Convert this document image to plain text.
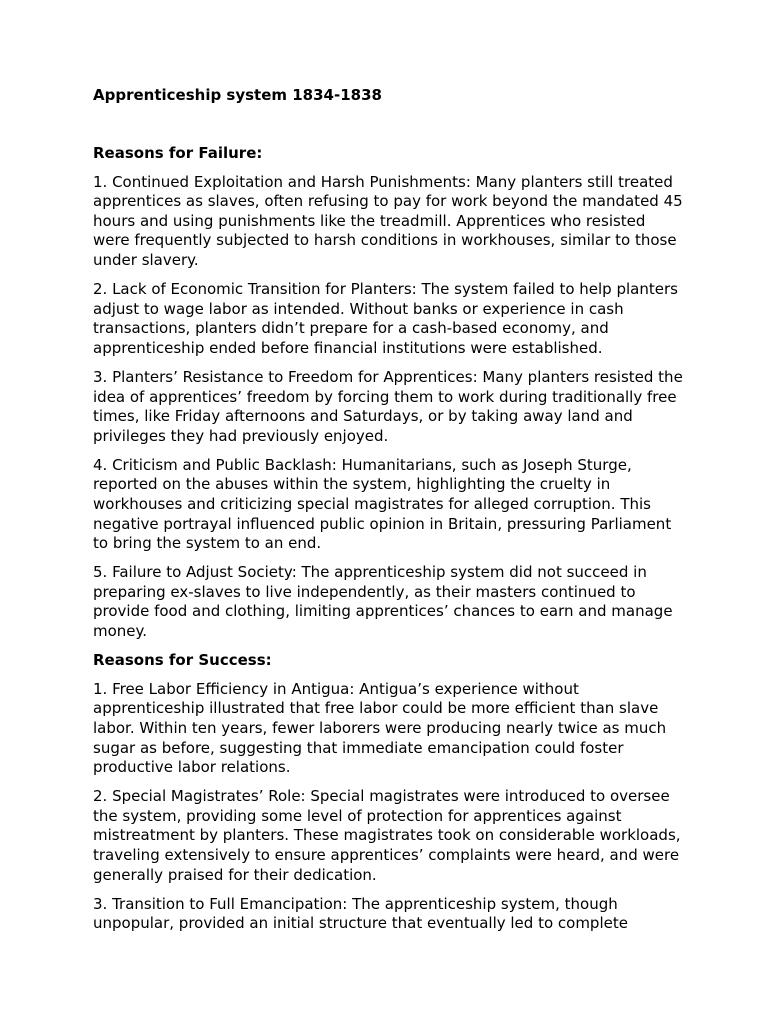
Apprenticeship system 1834-1838

Reasons for Failure:

1. Continued Exploitation and Harsh Punishments: Many planters still treated apprentices as slaves, often refusing to pay for work beyond the mandated 45 hours and using punishments like the treadmill. Apprentices who resisted were frequently subjected to harsh conditions in workhouses, similar to those under slavery.

2. Lack of Economic Transition for Planters: The system failed to help planters adjust to wage labor as intended. Without banks or experience in cash transactions, planters didn’t prepare for a cash-based economy, and apprenticeship ended before financial institutions were established.

3. Planters’ Resistance to Freedom for Apprentices: Many planters resisted the idea of apprentices’ freedom by forcing them to work during traditionally free times, like Friday afternoons and Saturdays, or by taking away land and privileges they had previously enjoyed.

4. Criticism and Public Backlash: Humanitarians, such as Joseph Sturge, reported on the abuses within the system, highlighting the cruelty in workhouses and criticizing special magistrates for alleged corruption. This negative portrayal influenced public opinion in Britain, pressuring Parliament to bring the system to an end.

5. Failure to Adjust Society: The apprenticeship system did not succeed in preparing ex-slaves to live independently, as their masters continued to provide food and clothing, limiting apprentices’ chances to earn and manage money.

Reasons for Success:

1. Free Labor Efficiency in Antigua: Antigua’s experience without apprenticeship illustrated that free labor could be more efficient than slave labor. Within ten years, fewer laborers were producing nearly twice as much sugar as before, suggesting that immediate emancipation could foster productive labor relations.

2. Special Magistrates’ Role: Special magistrates were introduced to oversee the system, providing some level of protection for apprentices against mistreatment by planters. These magistrates took on considerable workloads, traveling extensively to ensure apprentices’ complaints were heard, and were generally praised for their dedication.

3. Transition to Full Emancipation: The apprenticeship system, though unpopular, provided an initial structure that eventually led to complete
